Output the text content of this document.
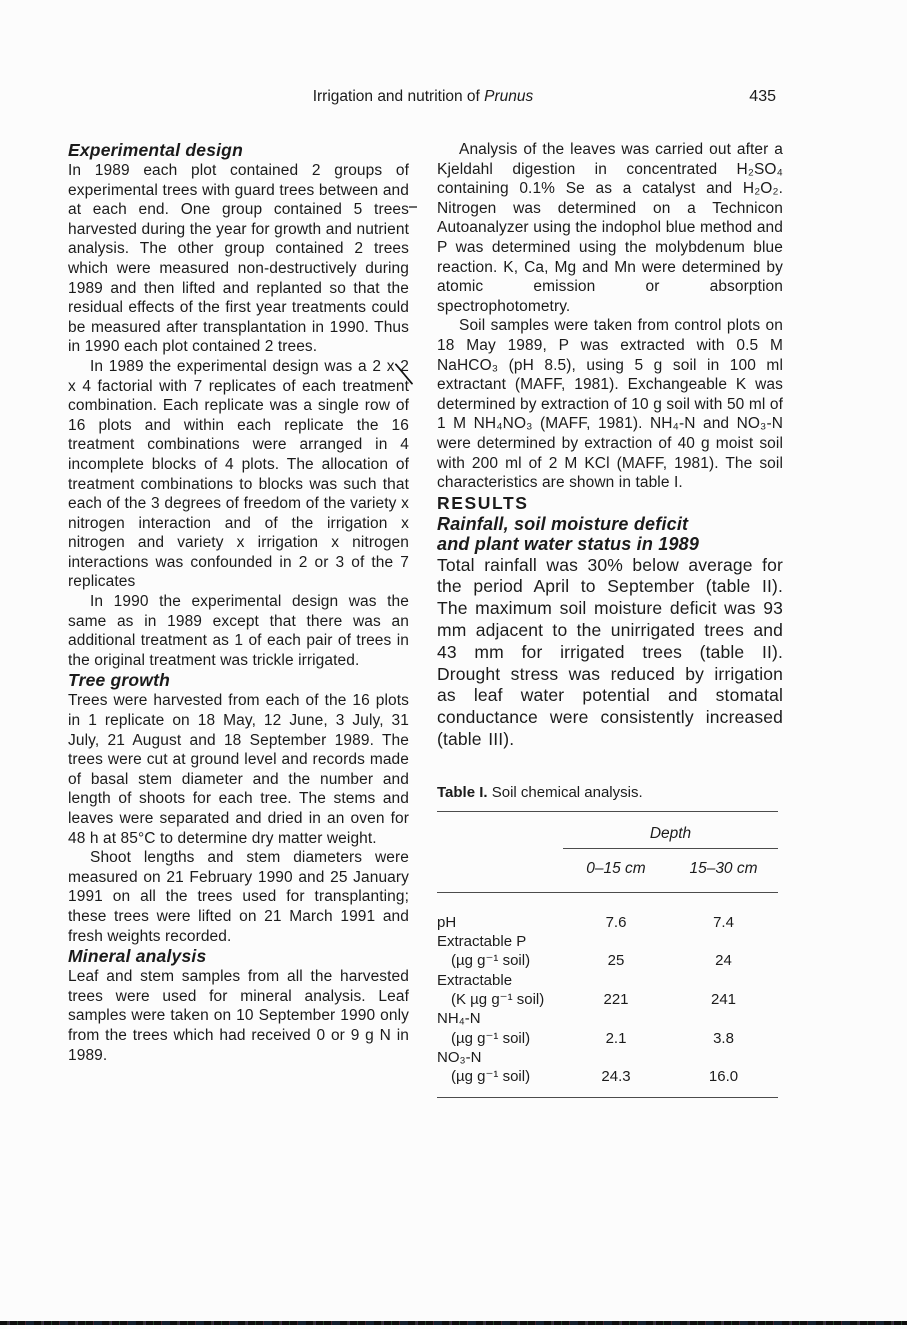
Irrigation and nutrition of Prunus	435
Experimental design

In 1989 each plot contained 2 groups of experimental trees with guard trees between and at each end. One group contained 5 trees harvested during the year for growth and nutrient analysis. The other group contained 2 trees which were measured non-destructively during 1989 and then lifted and replanted so that the residual effects of the first year treatments could be measured after transplantation in 1990. Thus in 1990 each plot contained 2 trees.

In 1989 the experimental design was a 2 x 2 x 4 factorial with 7 replicates of each treatment combination. Each replicate was a single row of 16 plots and within each replicate the 16 treatment combinations were arranged in 4 incomplete blocks of 4 plots. The allocation of treatment combinations to blocks was such that each of the 3 degrees of freedom of the variety x nitrogen interaction and of the irrigation x nitrogen and variety x irrigation x nitrogen interactions was confounded in 2 or 3 of the 7 replicates

In 1990 the experimental design was the same as in 1989 except that there was an additional treatment as 1 of each pair of trees in the original treatment was trickle irrigated.

Tree growth

Trees were harvested from each of the 16 plots in 1 replicate on 18 May, 12 June, 3 July, 31 July, 21 August and 18 September 1989. The trees were cut at ground level and records made of basal stem diameter and the number and length of shoots for each tree. The stems and leaves were separated and dried in an oven for 48 h at 85°C to determine dry matter weight.

Shoot lengths and stem diameters were measured on 21 February 1990 and 25 January 1991 on all the trees used for transplanting; these trees were lifted on 21 March 1991 and fresh weights recorded.

Mineral analysis

Leaf and stem samples from all the harvested trees were used for mineral analysis. Leaf samples were taken on 10 September 1990 only from the trees which had received 0 or 9 g N in 1989.

Analysis of the leaves was carried out after a Kjeldahl digestion in concentrated H₂SO₄ containing 0.1% Se as a catalyst and H₂O₂. Nitrogen was determined on a Technicon Autoanalyzer using the indophol blue method and P was determined using the molybdenum blue reaction. K, Ca, Mg and Mn were determined by atomic emission or absorption spectrophotometry.

Soil samples were taken from control plots on 18 May 1989, P was extracted with 0.5 M NaHCO₃ (pH 8.5), using 5 g soil in 100 ml extractant (MAFF, 1981). Exchangeable K was determined by extraction of 10 g soil with 50 ml of 1 M NH₄NO₃ (MAFF, 1981). NH₄-N and NO₃-N were determined by extraction of 40 g moist soil with 200 ml of 2 M KCl (MAFF, 1981). The soil characteristics are shown in table I.

RESULTS
Rainfall, soil moisture deficit
and plant water status in 1989

Total rainfall was 30% below average for the period April to September (table II). The maximum soil moisture deficit was 93 mm adjacent to the unirrigated trees and 43 mm for irrigated trees (table II). Drought stress was reduced by irrigation as leaf water potential and stomatal conductance were consistently increased (table III).

Table I. Soil chemical analysis.

Depth
0–15 cm	15–30 cm
pH	7.6	7.4
Extractable P
(µg g⁻¹ soil)	25	24
Extractable
(K µg g⁻¹ soil)	221	241
NH₄-N
(µg g⁻¹ soil)	2.1	3.8
NO₃-N
(µg g⁻¹ soil)	24.3	16.0
